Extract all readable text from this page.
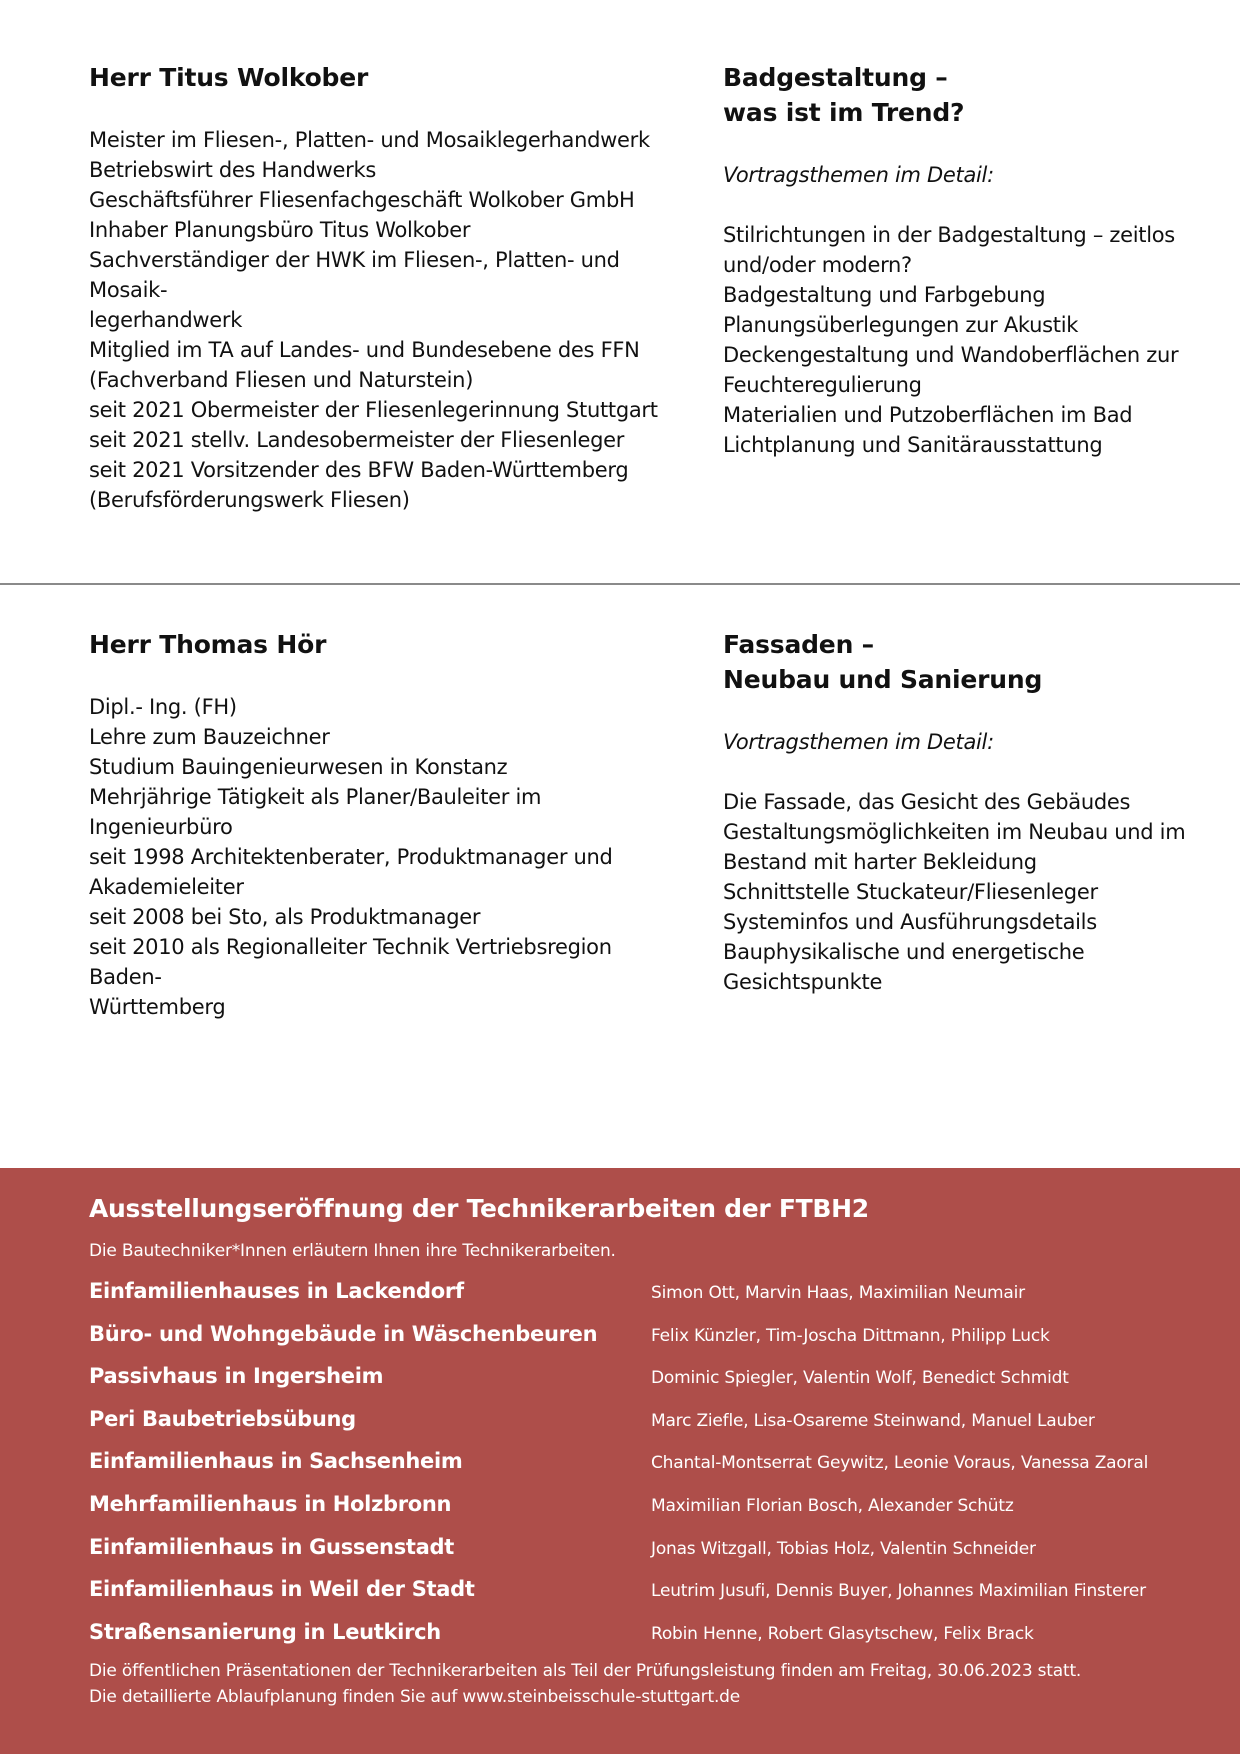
Herr Titus Wolkober
Meister im Fliesen-, Platten- und Mosaiklegerhandwerk
Betriebswirt des Handwerks
Geschäftsführer Fliesenfachgeschäft Wolkober GmbH
Inhaber Planungsbüro Titus Wolkober
Sachverständiger der HWK im Fliesen-, Platten- und Mosaik-
legerhandwerk
Mitglied im TA auf Landes- und Bundesebene des FFN
(Fachverband Fliesen und Naturstein)
seit 2021 Obermeister der Fliesenlegerinnung Stuttgart
seit 2021 stellv. Landesobermeister der Fliesenleger
seit 2021 Vorsitzender des BFW Baden-Württemberg
(Berufsförderungswerk Fliesen)
Badgestaltung –
was ist im Trend?

Vortragsthemen im Detail:

Stilrichtungen in der Badgestaltung – zeitlos
und/oder modern?
Badgestaltung und Farbgebung
Planungsüberlegungen zur Akustik
Deckengestaltung und Wandoberflächen zur
Feuchteregulierung
Materialien und Putzoberflächen im Bad
Lichtplanung und Sanitärausstattung
Herr Thomas Hör
Dipl.- Ing. (FH)
Lehre zum Bauzeichner
Studium Bauingenieurwesen in Konstanz
Mehrjährige Tätigkeit als Planer/Bauleiter im Ingenieurbüro
seit 1998 Architektenberater, Produktmanager und
Akademieleiter
seit 2008 bei Sto, als Produktmanager
seit 2010 als Regionalleiter Technik Vertriebsregion Baden-
Württemberg
Fassaden –
Neubau und Sanierung

Vortragsthemen im Detail:

Die Fassade, das Gesicht des Gebäudes
Gestaltungsmöglichkeiten im Neubau und im
Bestand mit harter Bekleidung
Schnittstelle Stuckateur/Fliesenleger
Systeminfos und Ausführungsdetails
Bauphysikalische und energetische
Gesichtspunkte
Ausstellungseröffnung der Technikerarbeiten der FTBH2

Die Bautechniker*Innen erläutern Ihnen ihre Technikerarbeiten.

Einfamilienhauses in Lackendorf	Simon Ott, Marvin Haas, Maximilian Neumair
Büro- und Wohngebäude in Wäschenbeuren	Felix Künzler, Tim-Joscha Dittmann, Philipp Luck
Passivhaus in Ingersheim	Dominic Spiegler, Valentin Wolf, Benedict Schmidt
Peri Baubetriebsübung	Marc Ziefle, Lisa-Osareme Steinwand, Manuel Lauber
Einfamilienhaus in Sachsenheim	Chantal-Montserrat Geywitz, Leonie Voraus, Vanessa Zaoral
Mehrfamilienhaus in Holzbronn	Maximilian Florian Bosch, Alexander Schütz
Einfamilienhaus in Gussenstadt	Jonas Witzgall, Tobias Holz, Valentin Schneider
Einfamilienhaus in Weil der Stadt	Leutrim Jusufi, Dennis Buyer, Johannes Maximilian Finsterer
Straßensanierung in Leutkirch	Robin Henne, Robert Glasytschew, Felix Brack

Die öffentlichen Präsentationen der Technikerarbeiten als Teil der Prüfungsleistung finden am Freitag, 30.06.2023 statt.
Die detaillierte Ablaufplanung finden Sie auf www.steinbeisschule-stuttgart.de
